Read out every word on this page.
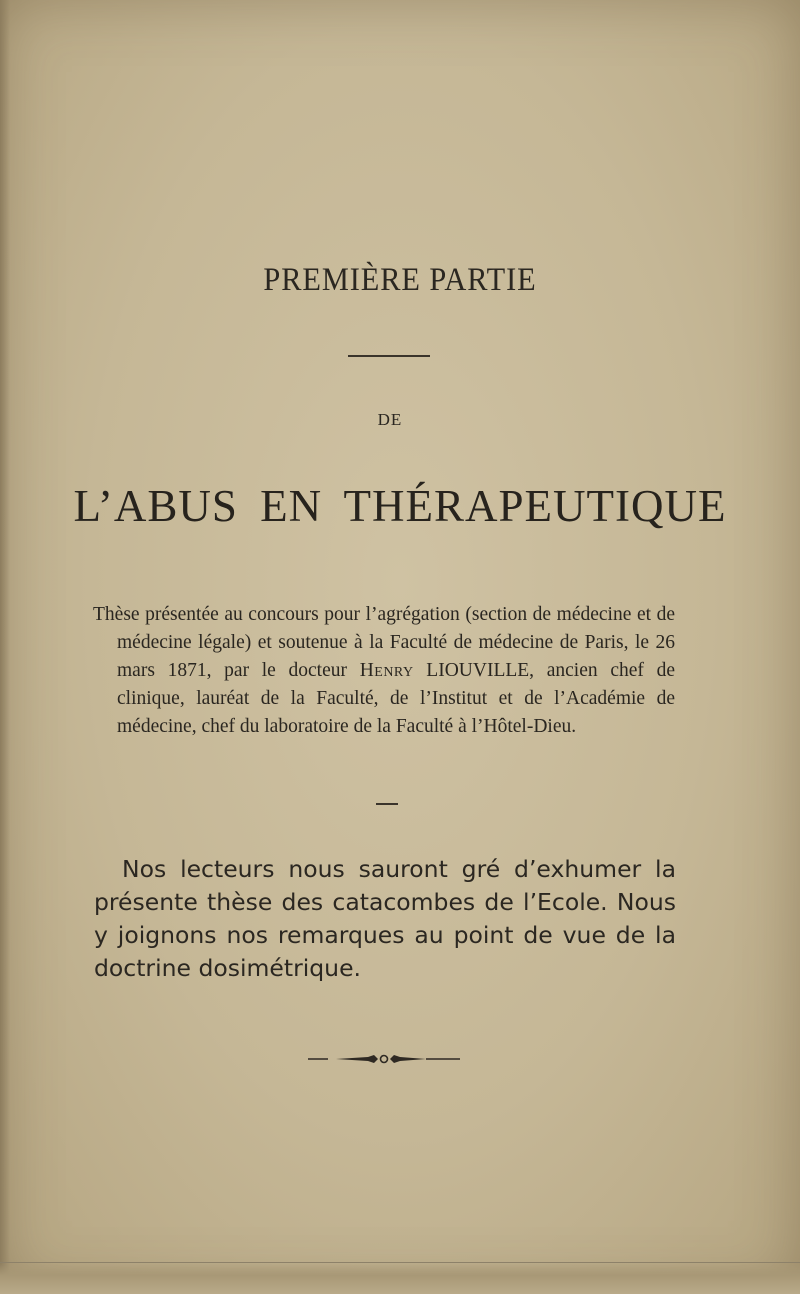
PREMIÈRE PARTIE
DE
L’ABUS EN THÉRAPEUTIQUE

Thèse présentée au concours pour l’agrégation (section de médecine et de médecine légale) et soutenue à la Faculté de médecine de Paris, le 26 mars 1871, par le docteur Henry LIOUVILLE, ancien chef de clinique, lauréat de la Faculté, de l’Institut et de l’Académie de médecine, chef du laboratoire de la Faculté à l’Hôtel-Dieu.

Nos lecteurs nous sauront gré d’exhumer la présente thèse des catacombes de l’Ecole. Nous y joignons nos remarques au point de vue de la doctrine dosimétrique.
